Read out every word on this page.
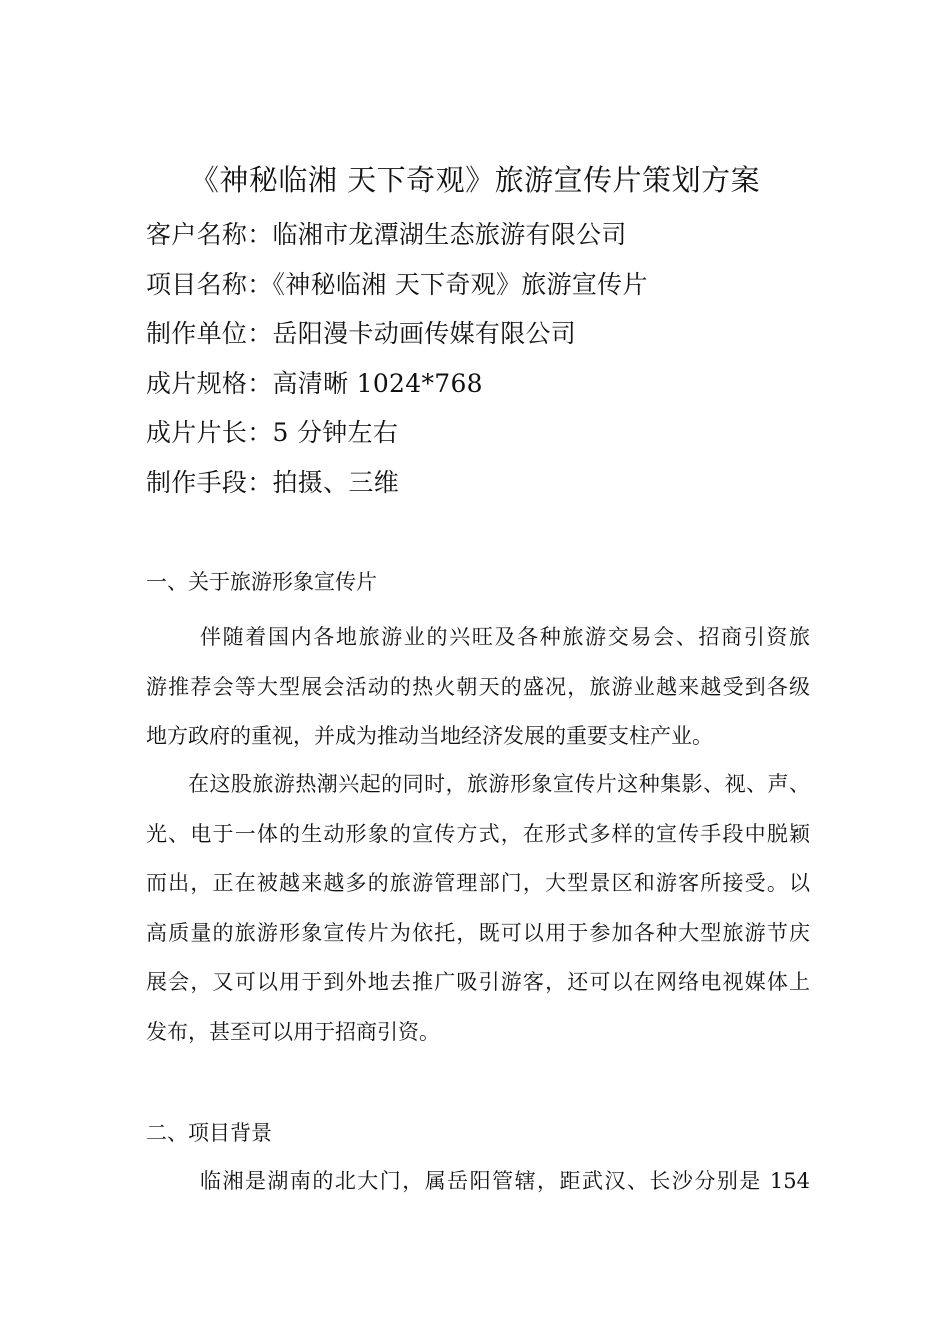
《神秘临湘 天下奇观》旅游宣传片策划方案
客户名称：临湘市龙潭湖生态旅游有限公司
项目名称：《神秘临湘 天下奇观》旅游宣传片
制作单位：岳阳漫卡动画传媒有限公司
成片规格：高清晰 1024*768
成片片长：5 分钟左右
制作手段：拍摄、三维
一、关于旅游形象宣传片
伴随着国内各地旅游业的兴旺及各种旅游交易会、招商引资旅
游推荐会等大型展会活动的热火朝天的盛况，旅游业越来越受到各级
地方政府的重视，并成为推动当地经济发展的重要支柱产业。
在这股旅游热潮兴起的同时，旅游形象宣传片这种集影、视、声、
光、电于一体的生动形象的宣传方式，在形式多样的宣传手段中脱颖
而出，正在被越来越多的旅游管理部门，大型景区和游客所接受。以
高质量的旅游形象宣传片为依托，既可以用于参加各种大型旅游节庆
展会，又可以用于到外地去推广吸引游客，还可以在网络电视媒体上
发布，甚至可以用于招商引资。
二、项目背景
临湘是湖南的北大门，属岳阳管辖，距武汉、长沙分别是 154
